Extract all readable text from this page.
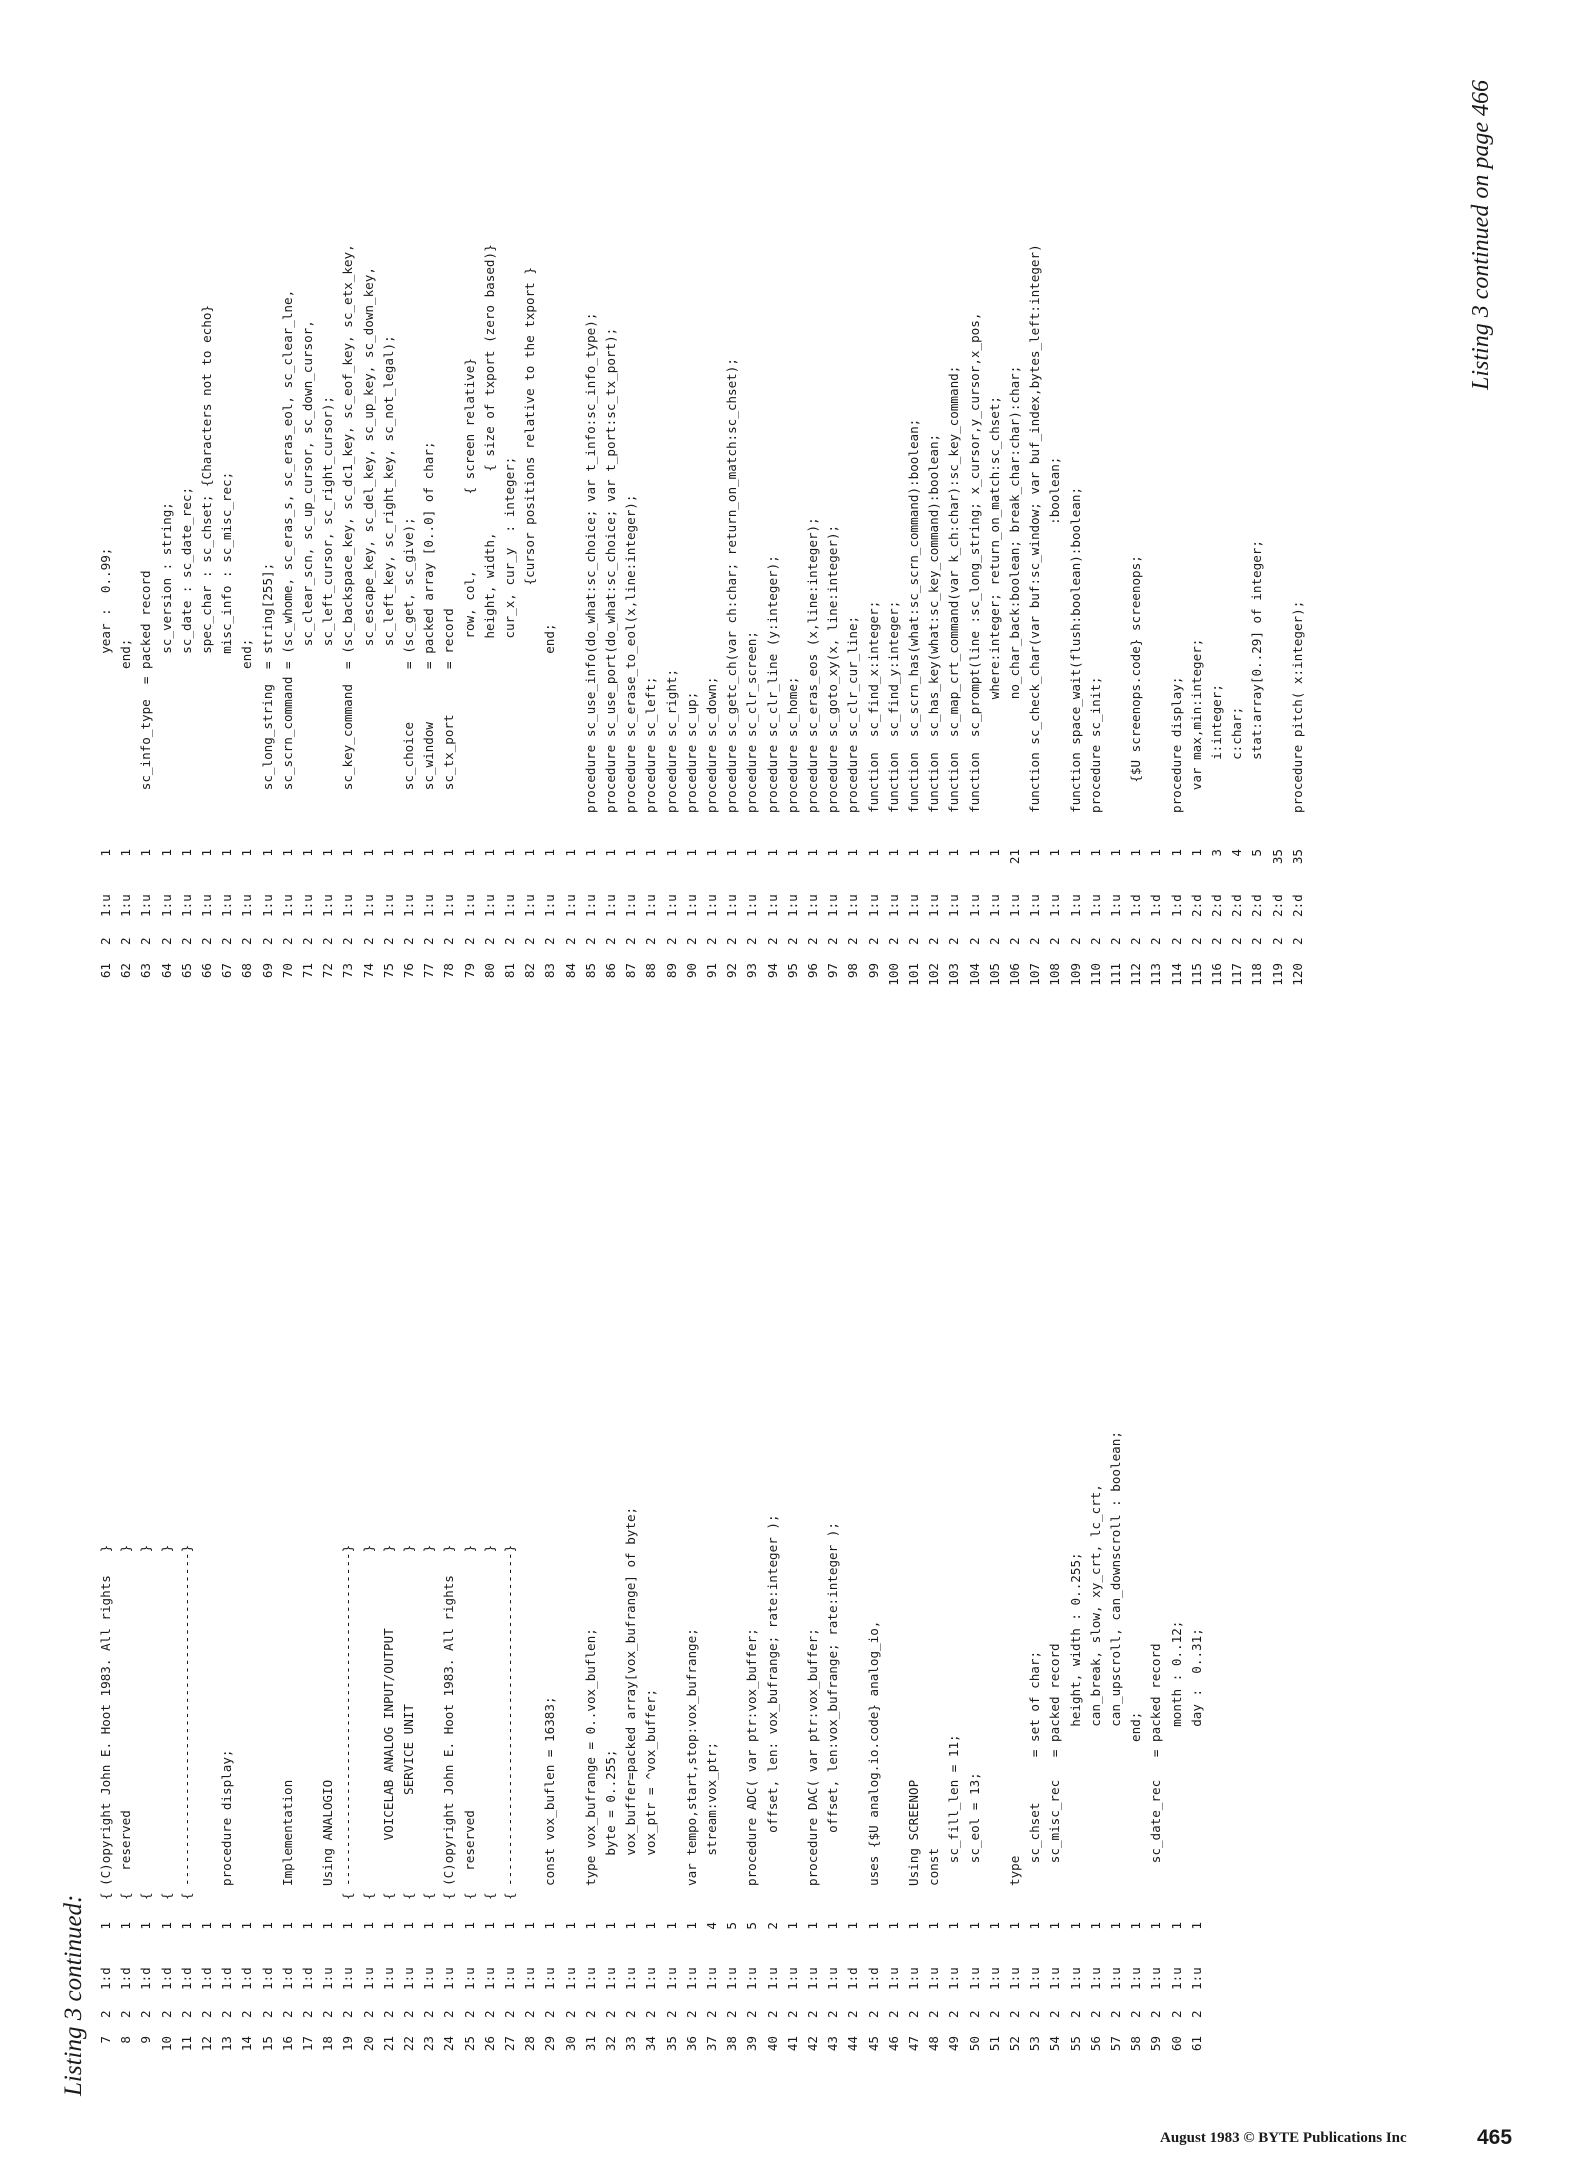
Listing 3 continued: 7
2
1:d
1
{
(C)opyright John E. Hoot 1983. All rights   }
8
2
1:d
1
{
reserved                                  }
9
2
1:d
1
{
}
10
2
1:d
1
{
}
11
2
1:d
1
{
--------------------------------------------}
12
2
1:d
1
13
2
1:d
1
procedure display;
14
2
1:d
1
15
2
1:d
1
16
2
1:d
1
Implementation
17
2
1:d
1
18
2
1:u
1
Using ANALOGIO
19
2
1:u
1
{
--------------------------------------------}
20
2
1:u
1
{
}
21
2
1:u
1
{
VOICELAB ANALOG INPUT/OUTPUT          }
22
2
1:u
1
{
SERVICE UNIT                    }
23
2
1:u
1
{
}
24
2
1:u
1
{
(C)opyright John E. Hoot 1983. All rights   }
25
2
1:u
1
{
reserved                                  }
26
2
1:u
1
{
}
27
2
1:u
1
{
--------------------------------------------}
28
2
1:u
1
29
2
1:u
1
const vox_buflen = 16383;
30
2
1:u
1
31
2
1:u
1
type vox_bufrange = 0..vox_buflen;
32
2
1:u
1
byte = 0..255;
33
2
1:u
1
vox_buffer=packed array[vox_bufrange] of byte;
34
2
1:u
1
vox_ptr = ^vox_buffer;
35
2
1:u
1
36
2
1:u
1
var tempo,start,stop:vox_bufrange;
37
2
1:u
4
stream:vox_ptr;
38
2
1:u
5
39
2
1:u
5
procedure ADC( var ptr:vox_buffer;
40
2
1:u
2
offset, len: vox_bufrange; rate:integer );
41
2
1:u
1
42
2
1:u
1
procedure DAC( var ptr:vox_buffer;
43
2
1:u
1
offset, len:vox_bufrange; rate:integer );
44
2
1:d
1
45
2
1:d
1
uses {$U analog.io.code} analog_io,
46
2
1:u
1
47
2
1:u
1
Using SCREENOP
48
2
1:u
1
const
49
2
1:u
1
sc_fill_len = 11;
50
2
1:u
1
sc_eol = 13;
51
2
1:u
1
52
2
1:u
1
type
53
2
1:u
1
sc_chset      = set of char;
54
2
1:u
1
sc_misc_rec   = packed record
55
2
1:u
1
height, width : 0..255;
56
2
1:u
1
can_break, slow, xy_crt, lc_crt,
57
2
1:u
1
can_upscroll, can_downscroll : boolean;
58
2
1:u
1
end;
59
2
1:u
1
sc_date_rec   = packed record
60
2
1:u
1
month : 0..12;
61
2
1:u
1
day :  0..31;
61
2
1:u
1
year :  0..99;
62
2
1:u
1
end;
63
2
1:u
1
sc_info_type  = packed record
64
2
1:u
1
sc_version : string;
65
2
1:u
1
sc_date : sc_date_rec;
66
2
1:u
1
spec_char : sc_chset; {Characters not to echo}
67
2
1:u
1
misc_info : sc_misc_rec;
68
2
1:u
1
end;
69
2
1:u
1
sc_long_string  = string[255];
70
2
1:u
1
sc_scrn_command = (sc_whome, sc_eras_s, sc_eras_eol, sc_clear_lne,
71
2
1:u
1
sc_clear_scn, sc_up_cursor, sc_down_cursor,
72
2
1:u
1
sc_left_cursor, sc_right_cursor);
73
2
1:u
1
sc_key_command  = (sc_backspace_key, sc_dc1_key, sc_eof_key, sc_etx_key,
74
2
1:u
1
sc_escape_key, sc_del_key, sc_up_key, sc_down_key,
75
2
1:u
1
sc_left_key, sc_right_key, sc_not_legal);
76
2
1:u
1
sc_choice       = (sc_get, sc_give);
77
2
1:u
1
sc_window       = packed array [0..0] of char;
78
2
1:u
1
sc_tx_port      = record
79
2
1:u
1
row, col,          { screen relative}
80
2
1:u
1
height, width,        { size of txport (zero based)}
81
2
1:u
1
cur_x, cur_y  : integer;
82
2
1:u
1
{cursor positions relative to the txport }
83
2
1:u
1
end;
84
2
1:u
1
85
2
1:u
1
procedure sc_use_info(do_what:sc_choice; var t_info:sc_info_type);
86
2
1:u
1
procedure sc_use_port(do_what:sc_choice; var t_port:sc_tx_port);
87
2
1:u
1
procedure sc_erase_to_eol(x,line:integer);
88
2
1:u
1
procedure sc_left;
89
2
1:u
1
procedure sc_right;
90
2
1:u
1
procedure sc_up;
91
2
1:u
1
procedure sc_down;
92
2
1:u
1
procedure sc_getc_ch(var ch:char; return_on_match:sc_chset);
93
2
1:u
1
procedure sc_clr_screen;
94
2
1:u
1
procedure sc_clr_line (y:integer);
95
2
1:u
1
procedure sc_home;
96
2
1:u
1
procedure sc_eras_eos (x,line:integer);
97
2
1:u
1
procedure sc_goto_xy(x, line:integer);
98
2
1:u
1
procedure sc_clr_cur_line;
99
2
1:u
1
function  sc_find_x:integer;
100
2
1:u
1
function  sc_find_y:integer;
101
2
1:u
1
function  sc_scrn_has(what:sc_scrn_command):boolean;
102
2
1:u
1
function  sc_has_key(what:sc_key_command):boolean;
103
2
1:u
1
function  sc_map_crt_command(var k_ch:char):sc_key_command;
104
2
1:u
1
function  sc_prompt(line :sc_long_string; x_cursor,y_cursor,x_pos,
105
2
1:u
1
where:integer; return_on_match:sc_chset;
106
2
1:u
21
no_char_back:boolean; break_char:char):char;
107
2
1:u
1
function sc_check_char(var buf:sc_window; var buf_index,bytes_left:integer)
108
2
1:u
1
:boolean;
109
2
1:u
1
function space_wait(flush:boolean):boolean;
110
2
1:u
1
procedure sc_init;
111
2
1:u
1
112
2
1:d
1
{$U screenops.code} screenops;
113
2
1:d
1
114
2
1:d
1
procedure display;
115
2
2:d
1
var max,min:integer;
116
2
2:d
3
i:integer;
117
2
2:d
4
c:char;
118
2
2:d
5
stat:array[0..29] of integer;
119
2
2:d
35
120
2
2:d
35
procedure pitch( x:integer);
Listing 3 continued on page 466
August 1983 © BYTE Publications Inc	465
